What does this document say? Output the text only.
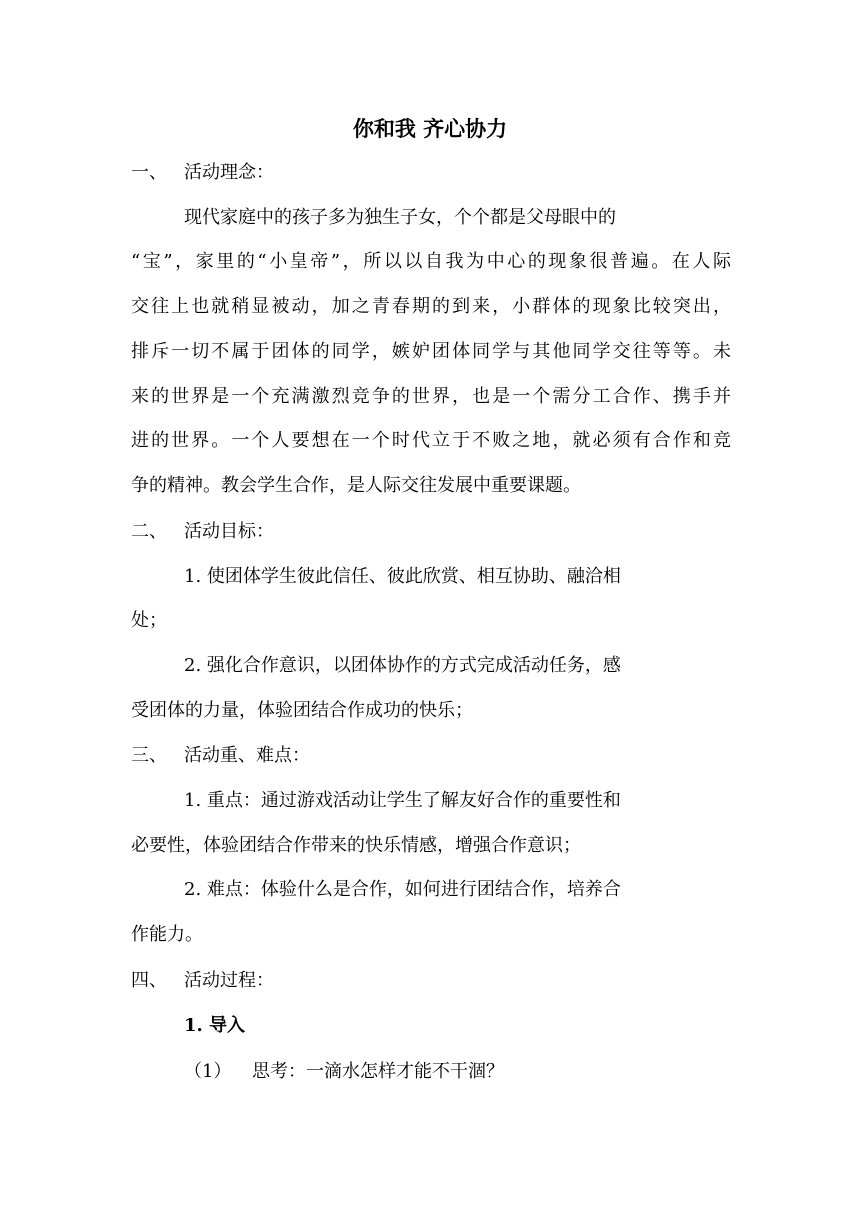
你和我 齐心协力
一、 活动理念：
现代家庭中的孩子多为独生子女，个个都是父母眼中的
“宝”，家里的“小皇帝”，所以以自我为中心的现象很普遍。在人际
交往上也就稍显被动，加之青春期的到来，小群体的现象比较突出，
排斥一切不属于团体的同学，嫉妒团体同学与其他同学交往等等。未
来的世界是一个充满激烈竞争的世界，也是一个需分工合作、携手并
进的世界。一个人要想在一个时代立于不败之地，就必须有合作和竞
争的精神。教会学生合作，是人际交往发展中重要课题。
二、 活动目标：
1. 使团体学生彼此信任、彼此欣赏、相互协助、融洽相
处；
2. 强化合作意识，以团体协作的方式完成活动任务，感
受团体的力量，体验团结合作成功的快乐；
三、 活动重、难点：
1. 重点：通过游戏活动让学生了解友好合作的重要性和
必要性，体验团结合作带来的快乐情感，增强合作意识；
2. 难点：体验什么是合作，如何进行团结合作，培养合
作能力。
四、 活动过程：
1. 导入
（1） 思考：一滴水怎样才能不干涸？
